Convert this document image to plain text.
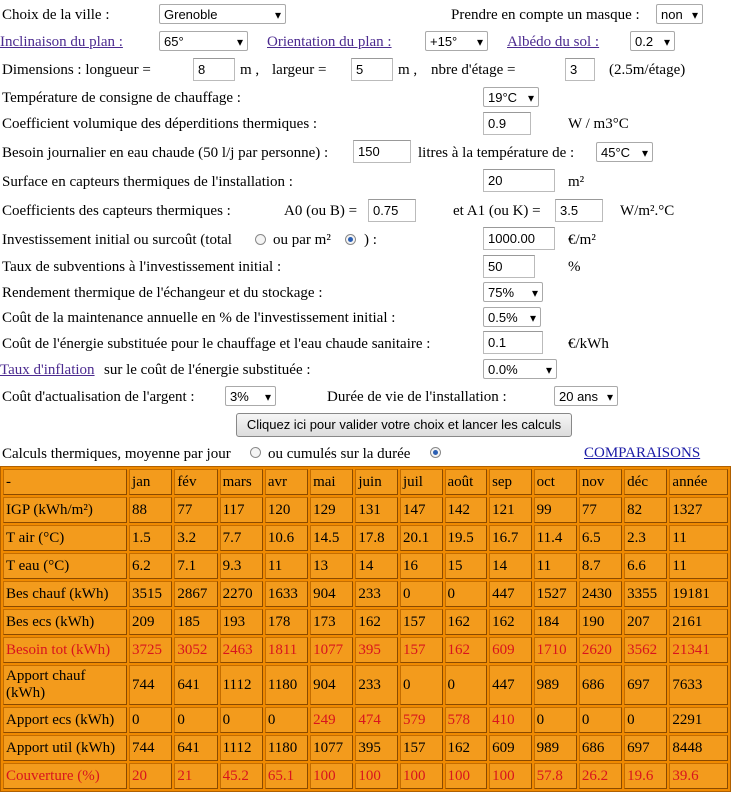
Choix de la ville :	Grenoble ▾	Prendre en compte un masque :	non ▾
Inclinaison du plan :	65° ▾	Orientation du plan :	+15° ▾	Albédo du sol :	0.2 ▾
Dimensions : longueur =	8	m , largeur =	5	m , nbre d'étage =	3	(2.5m/étage)
Température de consigne de chauffage :	19°C ▾
Coefficient volumique des déperditions thermiques :	0.9	W / m3°C
Besoin journalier en eau chaude (50 l/j par personne) :	150	litres à la température de :	45°C ▾
Surface en capteurs thermiques de l'installation :	20	m²
Coefficients des capteurs thermiques :	A0 (ou B) =	0.75	et A1 (ou K) =	3.5	W/m².°C
Investissement initial ou surcoût (total	ou par m² ) :	1000.00	€/m²
Taux de subventions à l'investissement initial :	50	%
Rendement thermique de l'échangeur et du stockage :	75% ▾
Coût de la maintenance annuelle en % de l'investissement initial :	0.5% ▾
Coût de l'énergie substituée pour le chauffage et l'eau chaude sanitaire :	0.1	€/kWh
Taux d'inflation sur le coût de l'énergie substituée :	0.0% ▾
Coût d'actualisation de l'argent :	3% ▾	Durée de vie de l'installation :	20 ans ▾
Cliquez ici pour valider votre choix et lancer les calculs
Calculs thermiques, moyenne par jour ou cumulés sur la durée	COMPARAISONS
-	jan	fév	mars	avr	mai	juin	juil	août	sep	oct	nov	déc	année
IGP (kWh/m²)	88	77	117	120	129	131	147	142	121	99	77	82	1327
T air (°C)	1.5	3.2	7.7	10.6	14.5	17.8	20.1	19.5	16.7	11.4	6.5	2.3	11
T eau (°C)	6.2	7.1	9.3	11	13	14	16	15	14	11	8.7	6.6	11
Bes chauf (kWh)	3515	2867	2270	1633	904	233	0	0	447	1527	2430	3355	19181
Bes ecs (kWh)	209	185	193	178	173	162	157	162	162	184	190	207	2161
Besoin tot (kWh)	3725	3052	2463	1811	1077	395	157	162	609	1710	2620	3562	21341
Apport chauf (kWh)	744	641	1112	1180	904	233	0	0	447	989	686	697	7633
Apport ecs (kWh)	0	0	0	0	249	474	579	578	410	0	0	0	2291
Apport util (kWh)	744	641	1112	1180	1077	395	157	162	609	989	686	697	8448
Couverture (%)	20	21	45.2	65.1	100	100	100	100	100	57.8	26.2	19.6	39.6
